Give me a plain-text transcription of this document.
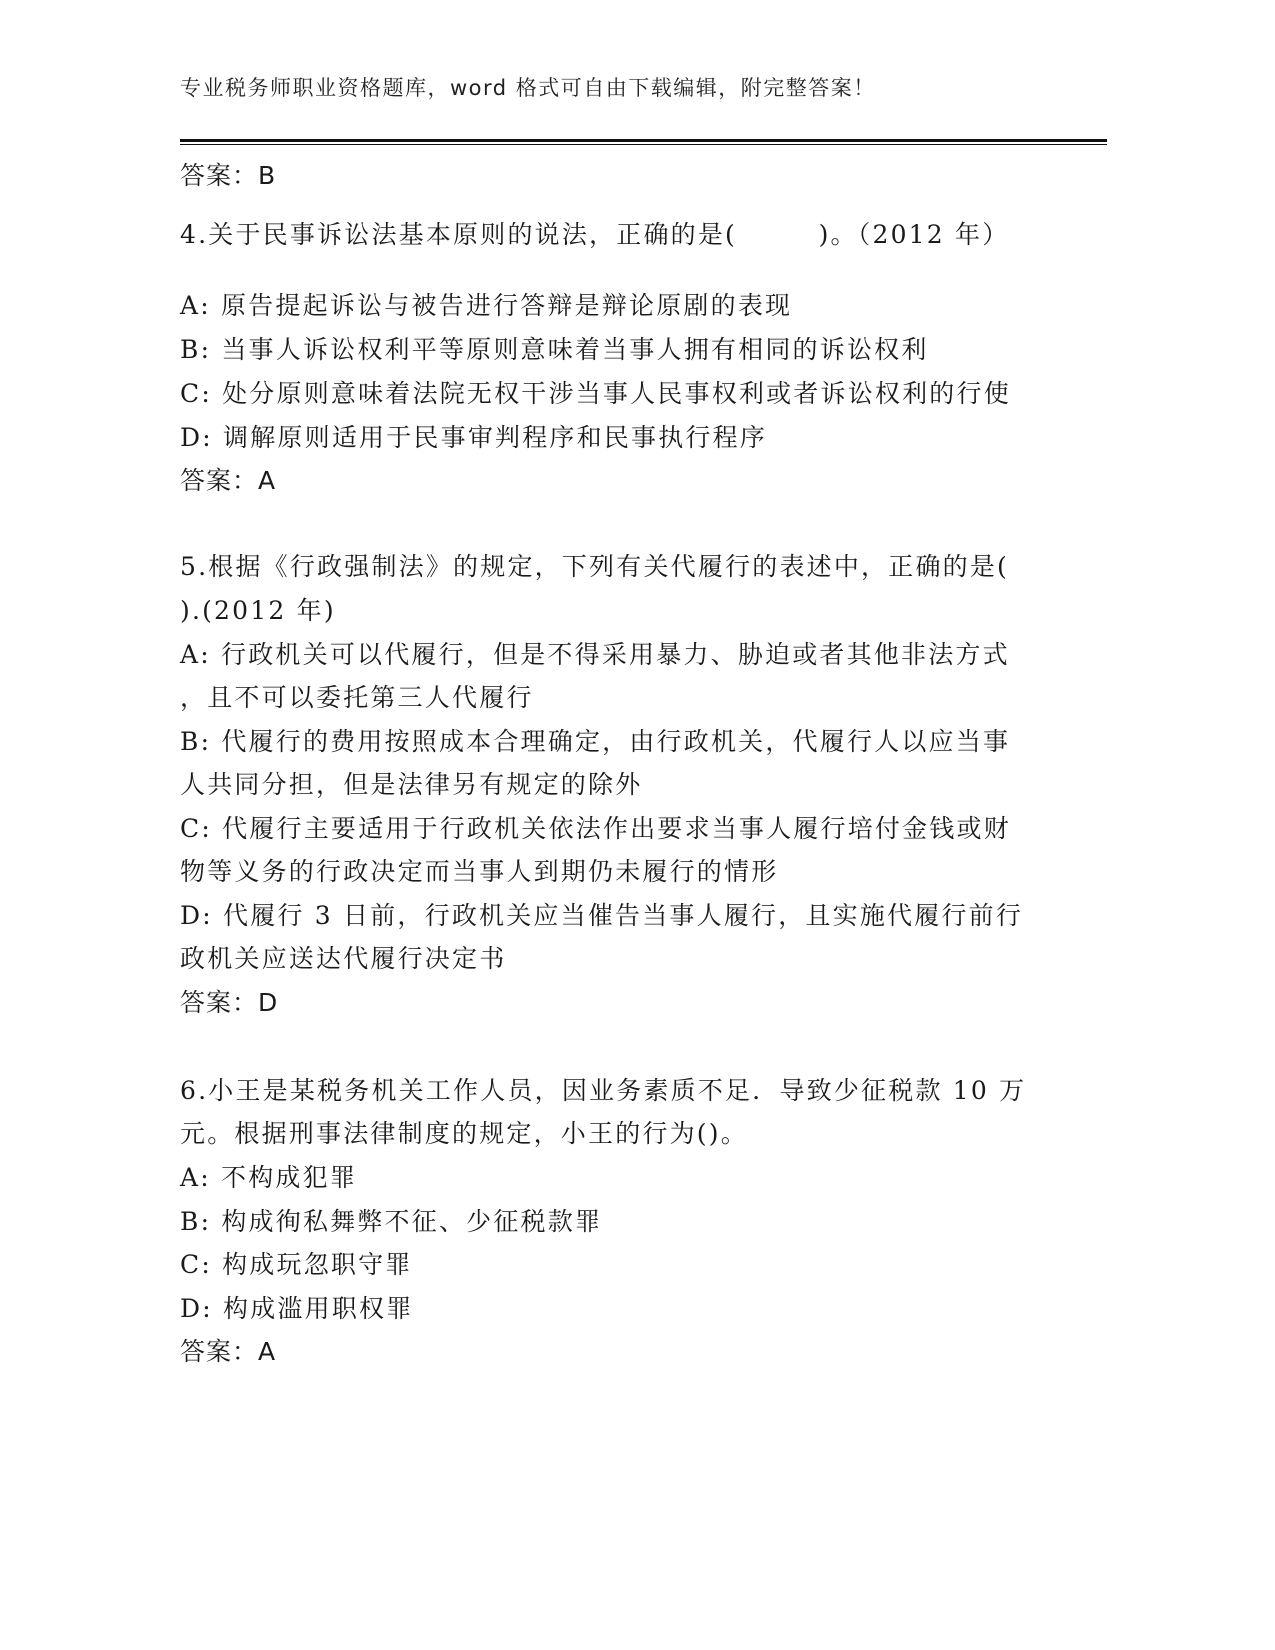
专业税务师职业资格题库，word 格式可自由下载编辑，附完整答案！
答案：B
4.关于民事诉讼法基本原则的说法，正确的是(　　　)。（2012 年）
A: 原告提起诉讼与被告进行答辩是辩论原剧的表现
B: 当事人诉讼权利平等原则意味着当事人拥有相同的诉讼权利
C: 处分原则意味着法院无权干涉当事人民事权利或者诉讼权利的行使
D: 调解原则适用于民事审判程序和民事执行程序
答案：A
5.根据《行政强制法》的规定，下列有关代履行的表述中，正确的是(
).(2012 年)
A: 行政机关可以代履行，但是不得采用暴力、胁迫或者其他非法方式
，且不可以委托第三人代履行
B: 代履行的费用按照成本合理确定，由行政机关，代履行人以应当事
人共同分担，但是法律另有规定的除外
C: 代履行主要适用于行政机关依法作出要求当事人履行培付金钱或财
物等义务的行政决定而当事人到期仍未履行的情形
D: 代履行 3 日前，行政机关应当催告当事人履行，且实施代履行前行
政机关应送达代履行决定书
答案：D
6.小王是某税务机关工作人员，因业务素质不足．导致少征税款 10 万
元。根据刑事法律制度的规定，小王的行为()。
A: 不构成犯罪
B: 构成徇私舞弊不征、少征税款罪
C: 构成玩忽职守罪
D: 构成滥用职权罪
答案：A
